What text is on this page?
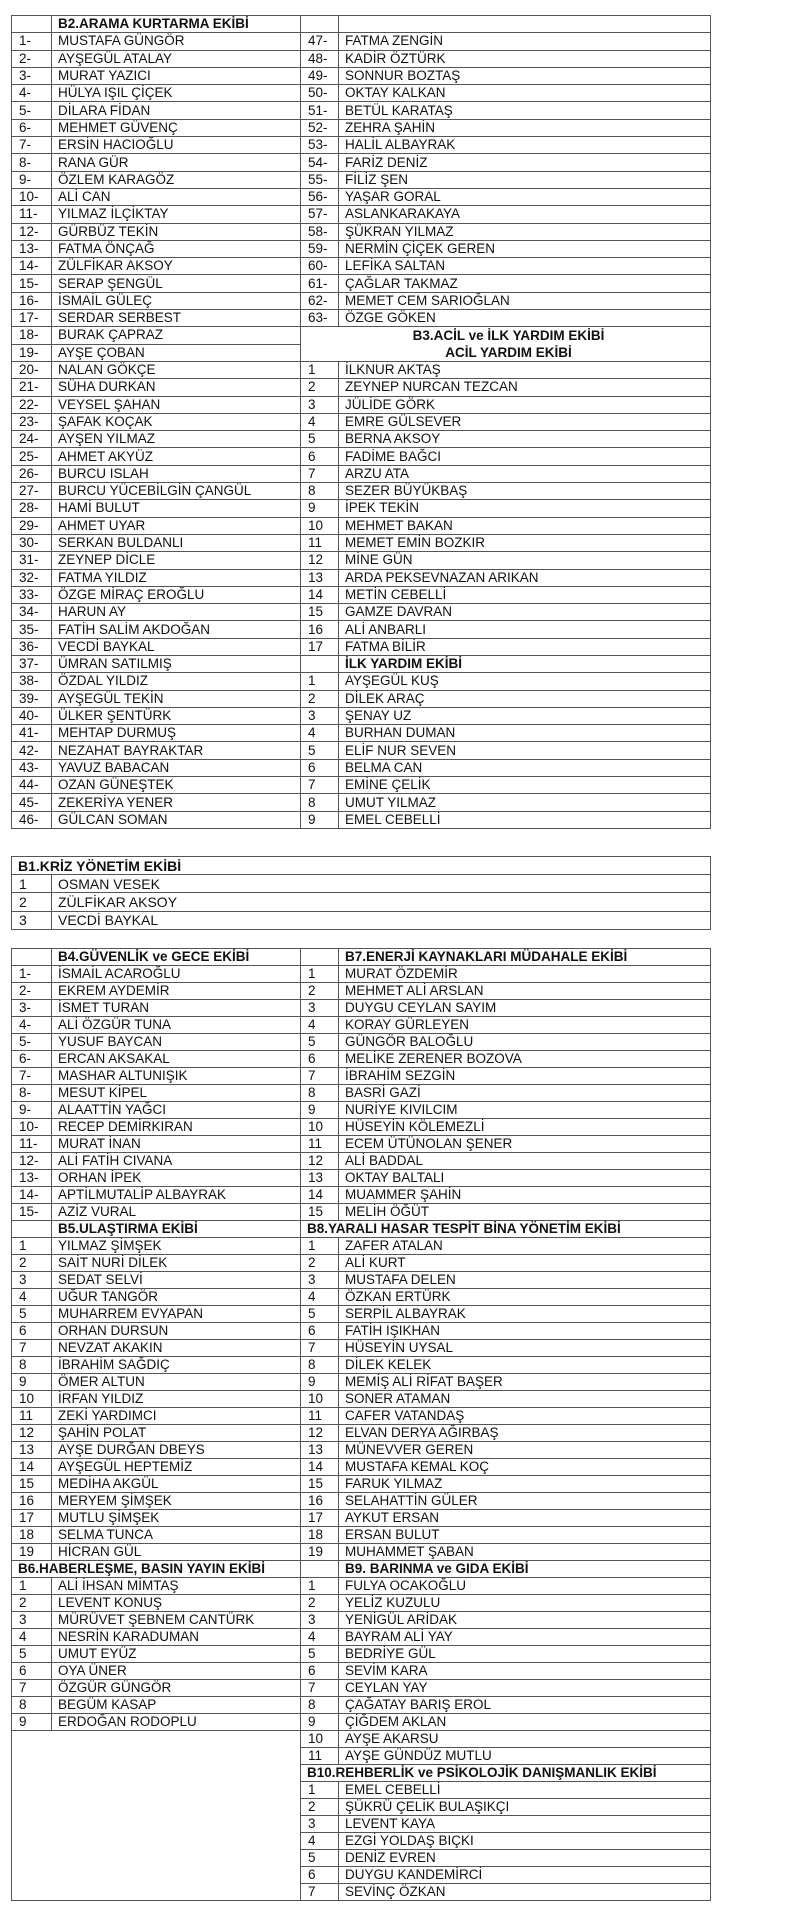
	B2.ARAMA KURTARMA EKİBİ		
1-	MUSTAFA GÜNGÖR	47-	FATMA ZENGİN
2-	AYŞEGÜL ATALAY	48-	KADİR ÖZTÜRK
3-	MURAT YAZICI	49-	SONNUR BOZTAŞ
4-	HÜLYA IŞIL ÇİÇEK	50-	OKTAY KALKAN
5-	DİLARA FİDAN	51-	BETÜL KARATAŞ
6-	MEHMET GÜVENÇ	52-	ZEHRA ŞAHİN
7-	ERSİN HACIOĞLU	53-	HALİL ALBAYRAK
8-	RANA GÜR	54-	FARİZ DENİZ
9-	ÖZLEM KARAGÖZ	55-	FİLİZ ŞEN
10-	ALİ CAN	56-	YAŞAR GORAL
11-	YILMAZ İLÇİKTAY	57-	ASLANKARAKAYA
12-	GÜRBÜZ TEKİN	58-	ŞÜKRAN YILMAZ
13-	FATMA ÖNÇAĞ	59-	NERMİN ÇİÇEK GEREN
14-	ZÜLFİKAR AKSOY	60-	LEFİKA SALTAN
15-	SERAP ŞENGÜL	61-	ÇAĞLAR TAKMAZ
16-	İSMAİL GÜLEÇ	62-	MEMET CEM SARIOĞLAN
17-	SERDAR SERBEST	63-	ÖZGE GÖKEN
18-	BURAK ÇAPRAZ	B3.ACİL ve İLK YARDIM EKİBİ	
19-	AYŞE ÇOBAN	ACİL YARDIM EKİBİ	
20-	NALAN GÖKÇE	1	İLKNUR AKTAŞ
21-	SÜHA DURKAN	2	ZEYNEP NURCAN TEZCAN
22-	VEYSEL ŞAHAN	3	JÜLİDE GÖRK
23-	ŞAFAK KOÇAK	4	EMRE GÜLSEVER
24-	AYŞEN YILMAZ	5	BERNA AKSOY
25-	AHMET AKYÜZ	6	FADİME BAĞCI
26-	BURCU ISLAH	7	ARZU ATA
27-	BURCU YÜCEBİLGİN ÇANGÜL	8	SEZER BÜYÜKBAŞ
28-	HAMİ BULUT	9	İPEK TEKİN
29-	AHMET UYAR	10	MEHMET BAKAN
30-	SERKAN BULDANLI	11	MEMET EMİN BOZKIR
31-	ZEYNEP DİCLE	12	MİNE GÜN
32-	FATMA YILDIZ	13	ARDA PEKSEVNAZAN ARIKAN
33-	ÖZGE MİRAÇ EROĞLU	14	METİN CEBELLİ
34-	HARUN AY	15	GAMZE DAVRAN
35-	FATİH SALİM AKDOĞAN	16	ALİ ANBARLI
36-	VECDİ BAYKAL	17	FATMA BİLİR
37-	ÜMRAN SATILMIŞ		İLK YARDIM EKİBİ
38-	ÖZDAL YILDIZ	1	AYŞEGÜL KUŞ
39-	AYŞEGÜL TEKİN	2	DİLEK ARAÇ
40-	ÜLKER ŞENTÜRK	3	ŞENAY UZ
41-	MEHTAP DURMUŞ	4	BURHAN DUMAN
42-	NEZAHAT BAYRAKTAR	5	ELİF NUR SEVEN
43-	YAVUZ BABACAN	6	BELMA CAN
44-	OZAN GÜNEŞTEK	7	EMİNE ÇELİK
45-	ZEKERİYA YENER	8	UMUT YILMAZ
46-	GÜLCAN SOMAN	9	EMEL CEBELLİ
B1.KRİZ YÖNETİM EKİBİ	
1	OSMAN VESEK
2	ZÜLFİKAR AKSOY
3	VECDİ BAYKAL
	B4.GÜVENLİK ve GECE EKİBİ		B7.ENERJİ KAYNAKLARI MÜDAHALE EKİBİ
1-	İSMAİL ACAROĞLU	1	MURAT ÖZDEMİR
2-	EKREM AYDEMİR	2	MEHMET ALİ ARSLAN
3-	İSMET TURAN	3	DUYGU CEYLAN SAYIM
4-	ALİ ÖZGÜR TUNA	4	KORAY GÜRLEYEN
5-	YUSUF BAYCAN	5	GÜNGÖR BALOĞLU
6-	ERCAN AKSAKAL	6	MELİKE ZERENER BOZOVA
7-	MASHAR ALTUNIŞIK	7	İBRAHİM SEZGİN
8-	MESUT KİPEL	8	BASRİ GAZİ
9-	ALAATTİN YAĞCI	9	NURİYE KIVILCIM
10-	RECEP DEMİRKIRAN	10	HÜSEYİN KÖLEMEZLİ
11-	MURAT İNAN	11	ECEM ÜTÜNOLAN ŞENER
12-	ALİ FATİH CIVANA	12	ALİ BADDAL
13-	ORHAN İPEK	13	OKTAY BALTALI
14-	APTİLMUTALİP ALBAYRAK	14	MUAMMER ŞAHİN
15-	AZİZ VURAL	15	MELİH ÖĞÜT
	B5.ULAŞTIRMA EKİBİ	B8.YARALI HASAR TESPİT BİNA YÖNETİM EKİBİ	
1	YILMAZ ŞİMŞEK	1	ZAFER ATALAN
2	SAİT NURİ DİLEK	2	ALİ KURT
3	SEDAT SELVİ	3	MUSTAFA DELEN
4	UĞUR TANGÖR	4	ÖZKAN ERTÜRK
5	MUHARREM EVYAPAN	5	SERPİL ALBAYRAK
6	ORHAN DURSUN	6	FATİH IŞIKHAN
7	NEVZAT AKAKIN	7	HÜSEYİN UYSAL
8	İBRAHİM SAĞDIÇ	8	DİLEK KELEK
9	ÖMER ALTUN	9	MEMİŞ ALİ RİFAT BAŞER
10	İRFAN YILDIZ	10	SONER ATAMAN
11	ZEKİ YARDIMCI	11	CAFER VATANDAŞ
12	ŞAHİN POLAT	12	ELVAN DERYA AĞIRBAŞ
13	AYŞE DURĞAN DBEYS	13	MÜNEVVER GEREN
14	AYŞEGÜL HEPTEMİZ	14	MUSTAFA KEMAL KOÇ
15	MEDİHA AKGÜL	15	FARUK YILMAZ
16	MERYEM ŞİMŞEK	16	SELAHATTİN GÜLER
17	MUTLU ŞİMŞEK	17	AYKUT ERSAN
18	SELMA TUNCA	18	ERSAN BULUT
19	HİCRAN GÜL	19	MUHAMMET ŞABAN
B6.HABERLEŞME, BASIN YAYIN EKİBİ			B9. BARINMA ve GIDA EKİBİ
1	ALİ İHSAN MİMTAŞ	1	FULYA OCAKOĞLU
2	LEVENT KONUŞ	2	YELİZ KUZULU
3	MÜRÜVET ŞEBNEM CANTÜRK	3	YENİGÜL ARİDAK
4	NESRİN KARADUMAN	4	BAYRAM ALİ YAY
5	UMUT EYÜZ	5	BEDRİYE GÜL
6	OYA ÜNER	6	SEVİM KARA
7	ÖZGÜR GÜNGÖR	7	CEYLAN YAY
8	BEGÜM KASAP	8	ÇAĞATAY BARIŞ EROL
9	ERDOĞAN RODOPLU	9	ÇİĞDEM AKLAN
		10	AYŞE AKARSU
		11	AYŞE GÜNDÜZ MUTLU
		B10.REHBERLİK ve PSİKOLOJİK DANIŞMANLIK EKİBİ	
		1	EMEL CEBELLİ
		2	ŞÜKRÜ ÇELİK BULAŞIKÇI
		3	LEVENT KAYA
		4	EZGİ YOLDAŞ BIÇKI
		5	DENİZ EVREN
		6	DUYGU KANDEMİRCİ
		7	SEVİNÇ ÖZKAN
